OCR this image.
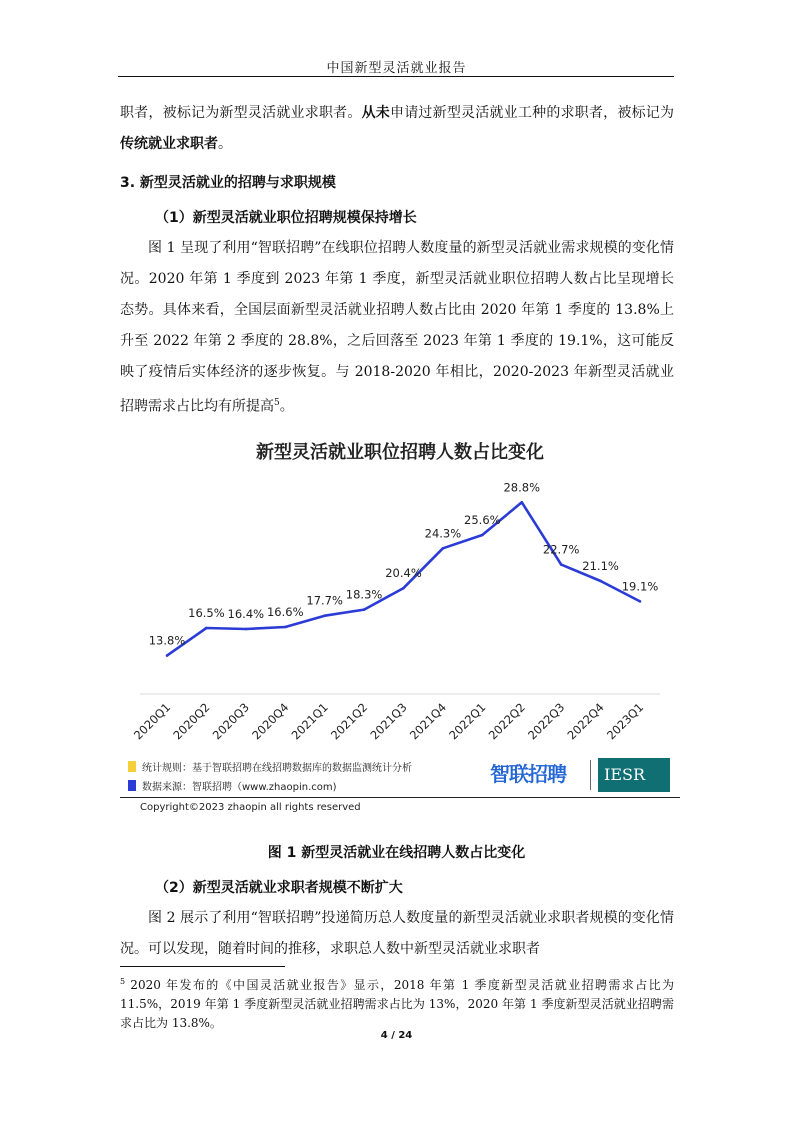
中国新型灵活就业报告

职者，被标记为新型灵活就业求职者。从未申请过新型灵活就业工种的求职者，被标记为传统就业求职者。

3. 新型灵活就业的招聘与求职规模
（1）新型灵活就业职位招聘规模保持增长

图 1 呈现了利用“智联招聘”在线职位招聘人数度量的新型灵活就业需求规模的变化情况。2020 年第 1 季度到 2023 年第 1 季度，新型灵活就业职位招聘人数占比呈现增长态势。具体来看，全国层面新型灵活就业招聘人数占比由 2020 年第 1 季度的 13.8%上升至 2022 年第 2 季度的 28.8%，之后回落至 2023 年第 1 季度的 19.1%，这可能反映了疫情后实体经济的逐步恢复。与 2018-2020 年相比，2020-2023 年新型灵活就业招聘需求占比均有所提高$^5$。

新型灵活就业职位招聘人数占比变化
13.8%
2020Q1
16.5%
2020Q2
16.4%
2020Q3
16.6%
2020Q4
17.7%
2021Q1
18.3%
2021Q2
20.4%
2021Q3
24.3%
2021Q4
25.6%
2022Q1
28.8%
2022Q2
22.7%
2022Q3
21.1%
2022Q4
19.1%
2023Q1
统计规则：基于智联招聘在线招聘数据库的数据监测统计分析
数据来源：智联招聘（www.zhaopin.com)
智联招聘	IESR
Copyright©2023 zhaopin all rights reserved
图 1 新型灵活就业在线招聘人数占比变化
（2）新型灵活就业求职者规模不断扩大

图 2 展示了利用“智联招聘”投递简历总人数度量的新型灵活就业求职者规模的变化情况。可以发现，随着时间的推移，求职总人数中新型灵活就业求职者

$^5$ 2020 年发布的《中国灵活就业报告》显示，2018 年第 1 季度新型灵活就业招聘需求占比为 11.5%，2019 年第 1 季度新型灵活就业招聘需求占比为 13%，2020 年第 1 季度新型灵活就业招聘需求占比为 13.8%。

4 / 24
